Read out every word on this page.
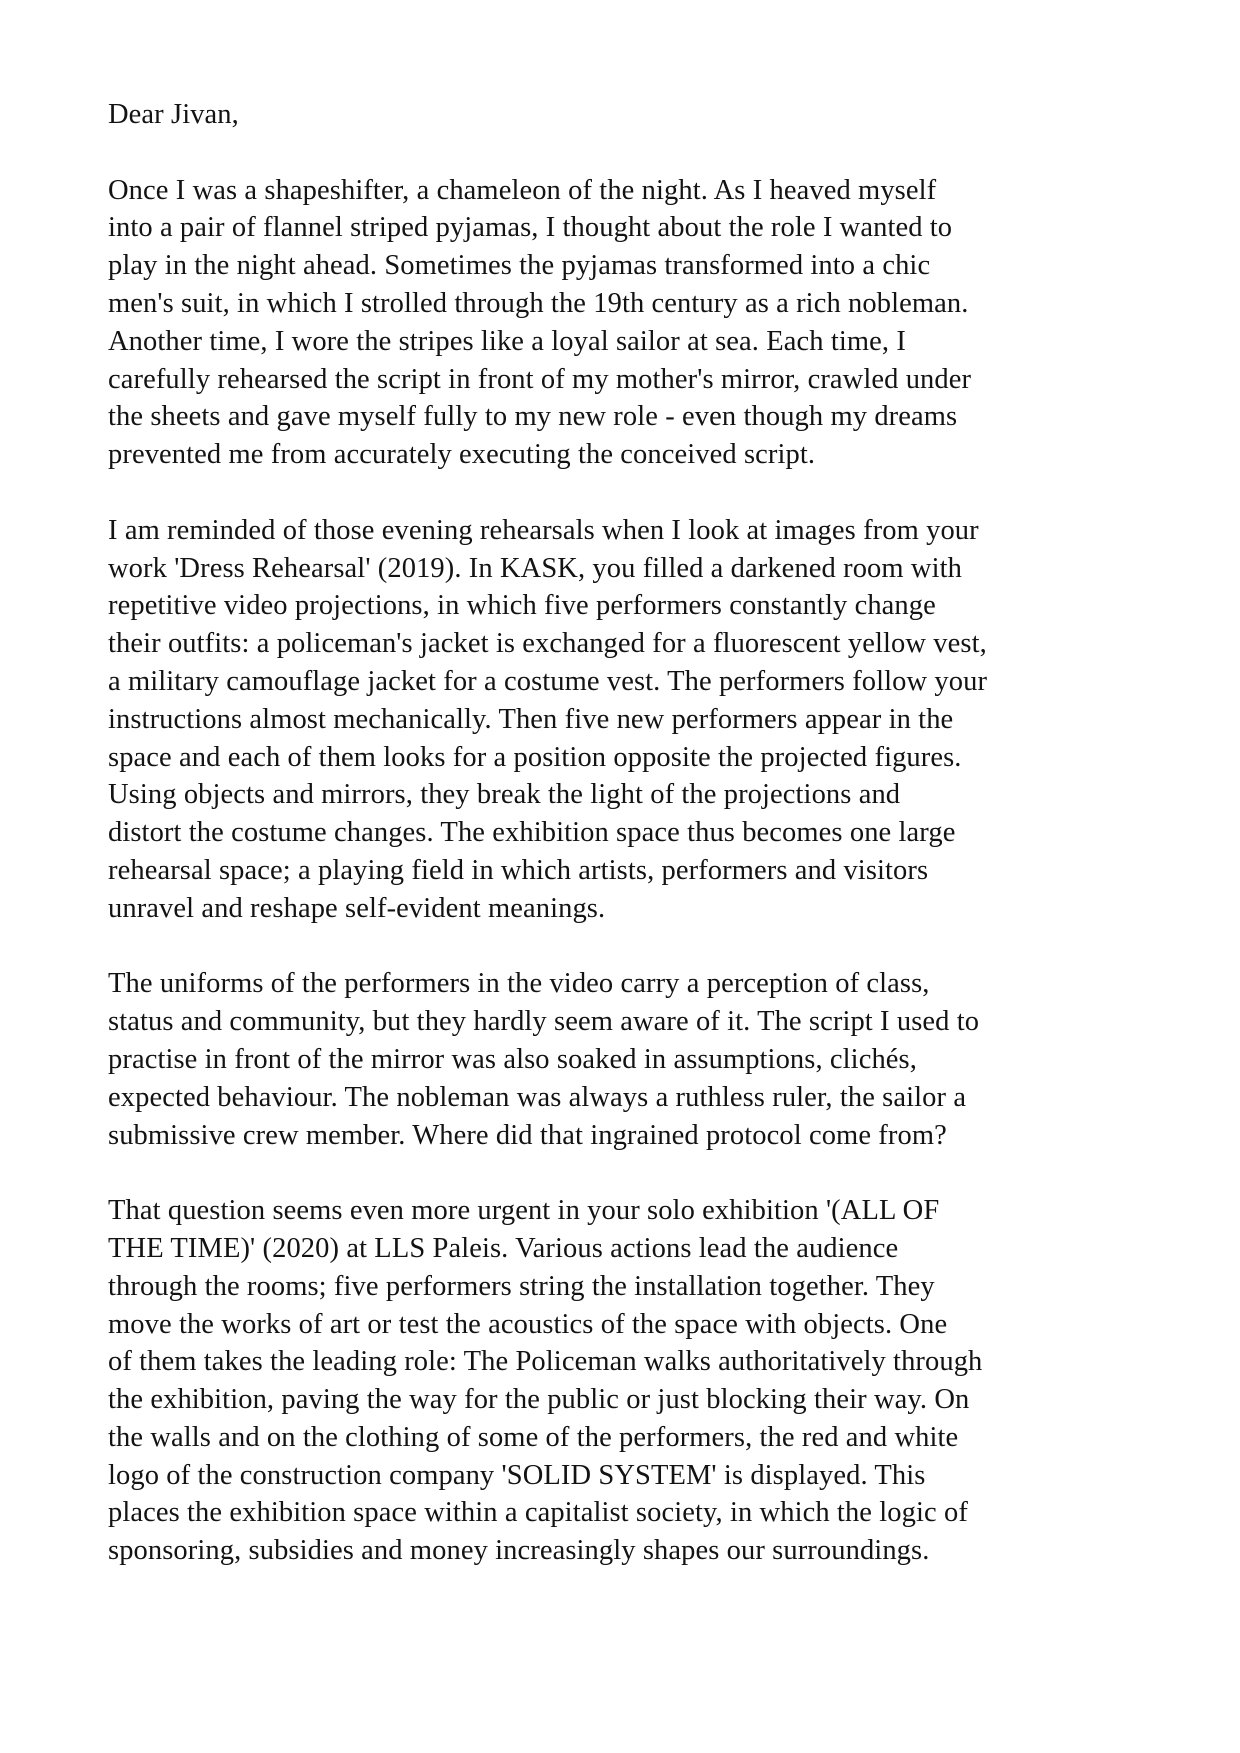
Dear Jivan,

Once I was a shapeshifter, a chameleon of the night. As I heaved myself
into a pair of flannel striped pyjamas, I thought about the role I wanted to
play in the night ahead. Sometimes the pyjamas transformed into a chic
men's suit, in which I strolled through the 19th century as a rich nobleman.
Another time, I wore the stripes like a loyal sailor at sea. Each time, I
carefully rehearsed the script in front of my mother's mirror, crawled under
the sheets and gave myself fully to my new role - even though my dreams
prevented me from accurately executing the conceived script.

I am reminded of those evening rehearsals when I look at images from your
work 'Dress Rehearsal' (2019). In KASK, you filled a darkened room with
repetitive video projections, in which five performers constantly change
their outfits: a policeman's jacket is exchanged for a fluorescent yellow vest,
a military camouflage jacket for a costume vest. The performers follow your
instructions almost mechanically. Then five new performers appear in the
space and each of them looks for a position opposite the projected figures.
Using objects and mirrors, they break the light of the projections and
distort the costume changes. The exhibition space thus becomes one large
rehearsal space; a playing field in which artists, performers and visitors
unravel and reshape self-evident meanings.

The uniforms of the performers in the video carry a perception of class,
status and community, but they hardly seem aware of it. The script I used to
practise in front of the mirror was also soaked in assumptions, clichés,
expected behaviour. The nobleman was always a ruthless ruler, the sailor a
submissive crew member. Where did that ingrained protocol come from?

That question seems even more urgent in your solo exhibition '(ALL OF
THE TIME)' (2020) at LLS Paleis. Various actions lead the audience
through the rooms; five performers string the installation together. They
move the works of art or test the acoustics of the space with objects. One
of them takes the leading role: The Policeman walks authoritatively through
the exhibition, paving the way for the public or just blocking their way. On
the walls and on the clothing of some of the performers, the red and white
logo of the construction company 'SOLID SYSTEM' is displayed. This
places the exhibition space within a capitalist society, in which the logic of
sponsoring, subsidies and money increasingly shapes our surroundings.
